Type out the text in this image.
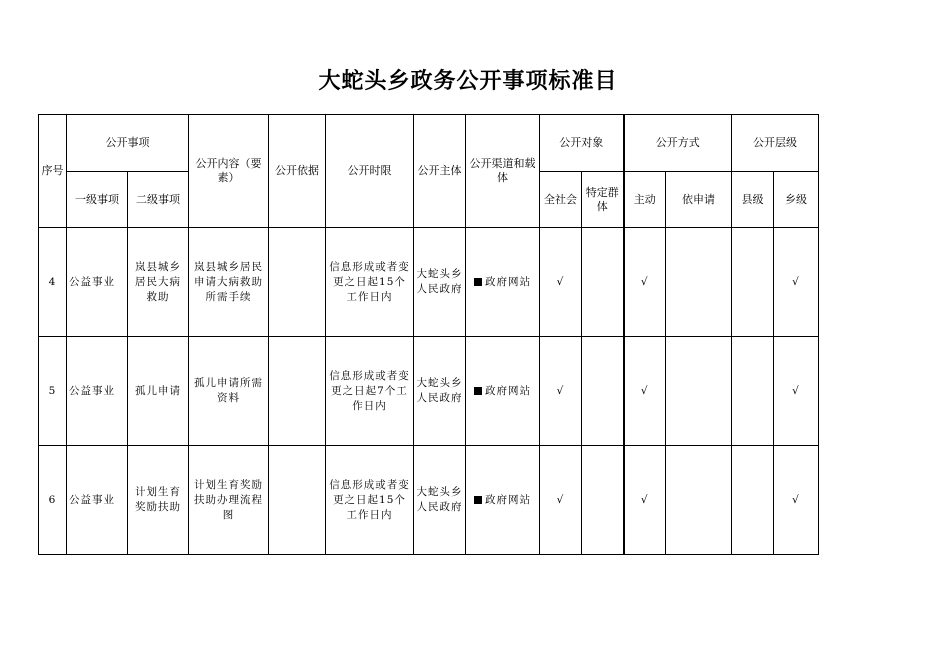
大蛇头乡政务公开事项标准目
序号	公开事项		公开内容（要素）	公开依据	公开时限	公开主体	公开渠道和载体	公开对象		公开方式		公开层级	
	一级事项	二级事项						全社会	特定群体	主动	依申请	县级	乡级
4	公益事业	岚县城乡居民大病救助	岚县城乡居民申请大病救助所需手续		信息形成或者变更之日起15个工作日内	大蛇头乡人民政府	政府网站	√		√			√
5	公益事业	孤儿申请	孤儿申请所需资料		信息形成或者变更之日起7个工作日内	大蛇头乡人民政府	政府网站	√		√			√
6	公益事业	计划生育奖励扶助	计划生育奖励扶助办理流程图		信息形成或者变更之日起15个工作日内	大蛇头乡人民政府	政府网站	√		√			√
